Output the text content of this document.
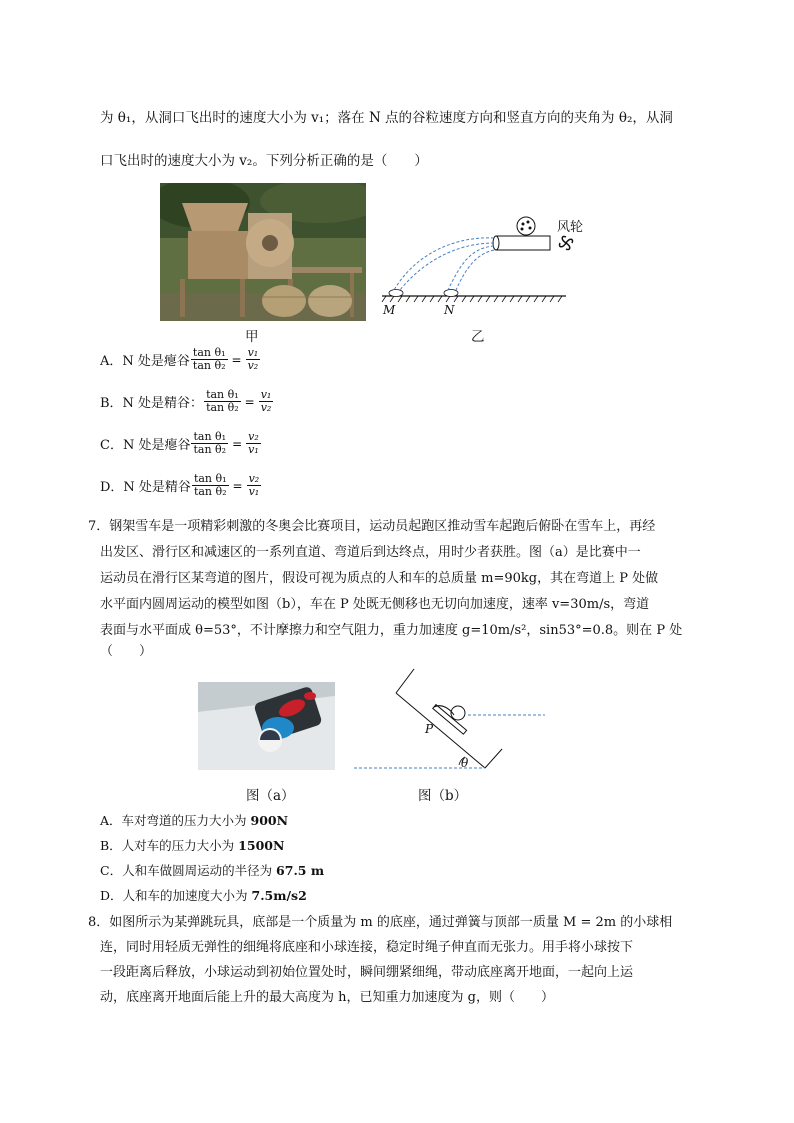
为 θ₁，从洞口飞出时的速度大小为 v₁；落在 N 点的谷粒速度方向和竖直方向的夹角为 θ₂，从洞
口飞出时的速度大小为 v₂。下列分析正确的是（　　）
甲
风轮
M	N
乙
A．N 处是瘪谷 $\frac{\text{tan θ₁}}{\text{tan θ₂}} = \frac{\text{v₁}}{\text{v₂}}$
B．N 处是精谷： $\frac{\text{tan θ₁}}{\text{tan θ₂}} = \frac{\text{v₁}}{\text{v₂}}$
C．N 处是瘪谷 $\frac{\text{tan θ₁}}{\text{tan θ₂}} = \frac{\text{v₂}}{\text{v₁}}$
D．N 处是精谷 $\frac{\text{tan θ₁}}{\text{tan θ₂}} = \frac{\text{v₂}}{\text{v₁}}$
7．钢架雪车是一项精彩刺激的冬奥会比赛项目，运动员起跑区推动雪车起跑后俯卧在雪车上，再经
出发区、滑行区和减速区的一系列直道、弯道后到达终点，用时少者获胜。图（a）是比赛中一
运动员在滑行区某弯道的图片，假设可视为质点的人和车的总质量 m=90kg，其在弯道上 P 处做
水平面内圆周运动的模型如图（b），车在 P 处既无侧移也无切向加速度，速率 v=30m/s，弯道
表面与水平面成 θ=53°，不计摩擦力和空气阻力，重力加速度 g=10m/s²，sin53°=0.8。则在 P 处
（　　）
图（a）
P
θ
图（b）
A．车对弯道的压力大小为 900N
B．人对车的压力大小为 1500N
C．人和车做圆周运动的半径为 67.5 m
D．人和车的加速度大小为 7.5m/s2
8．如图所示为某弹跳玩具，底部是一个质量为 m 的底座，通过弹簧与顶部一质量 M = 2m 的小球相
连，同时用轻质无弹性的细绳将底座和小球连接，稳定时绳子伸直而无张力。用手将小球按下
一段距离后释放，小球运动到初始位置处时，瞬间绷紧细绳，带动底座离开地面，一起向上运
动，底座离开地面后能上升的最大高度为 h，已知重力加速度为 g，则（　　）
